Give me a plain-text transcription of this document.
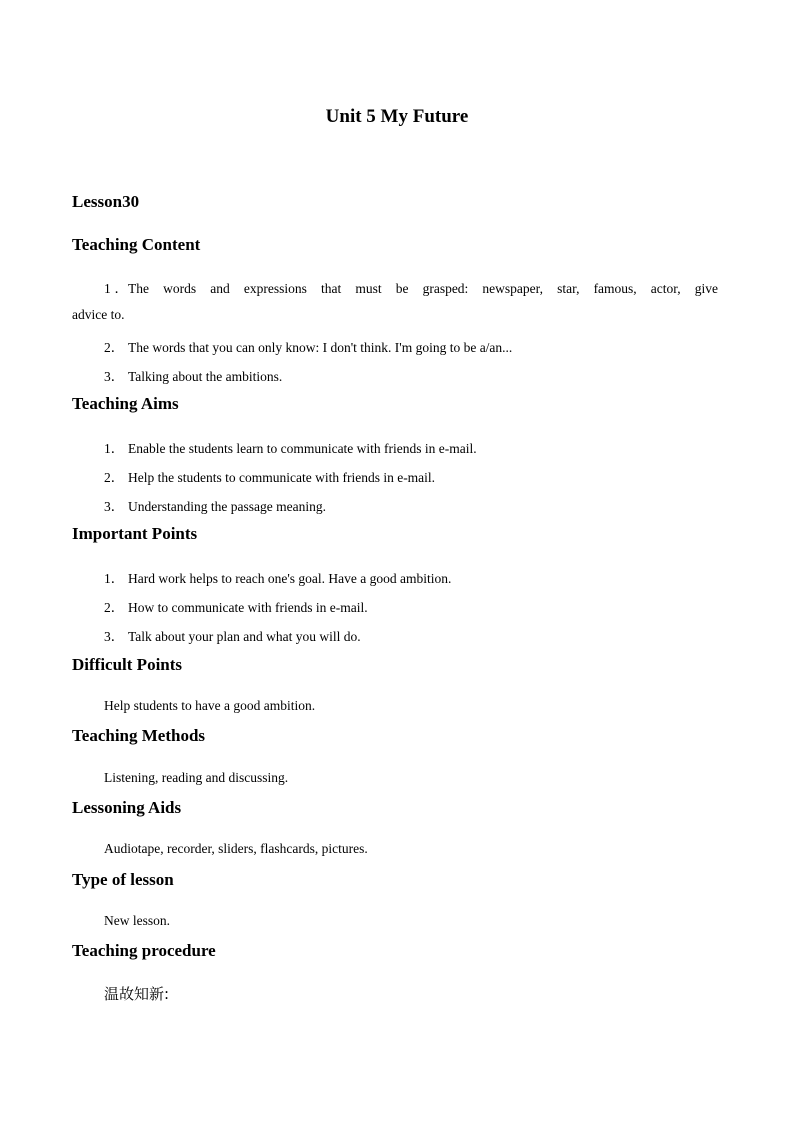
Unit 5 My Future
Lesson30
Teaching Content
1．The words and expressions that must be grasped: newspaper, star, famous, actor, give
advice to.
2． The words that you can only know: I don't think. I'm going to be a/an...
3． Talking about the ambitions.
Teaching Aims
1． Enable the students learn to communicate with friends in e-mail.
2． Help the students to communicate with friends in e-mail.
3． Understanding the passage meaning.
Important Points
1． Hard work helps to reach one's goal. Have a good ambition.
2． How to communicate with friends in e-mail.
3． Talk about your plan and what you will do.
Difficult Points
Help students to have a good ambition.
Teaching Methods
Listening, reading and discussing.
Lessoning Aids
Audiotape, recorder, sliders, flashcards, pictures.
Type of lesson
New lesson.
Teaching procedure
温故知新:
